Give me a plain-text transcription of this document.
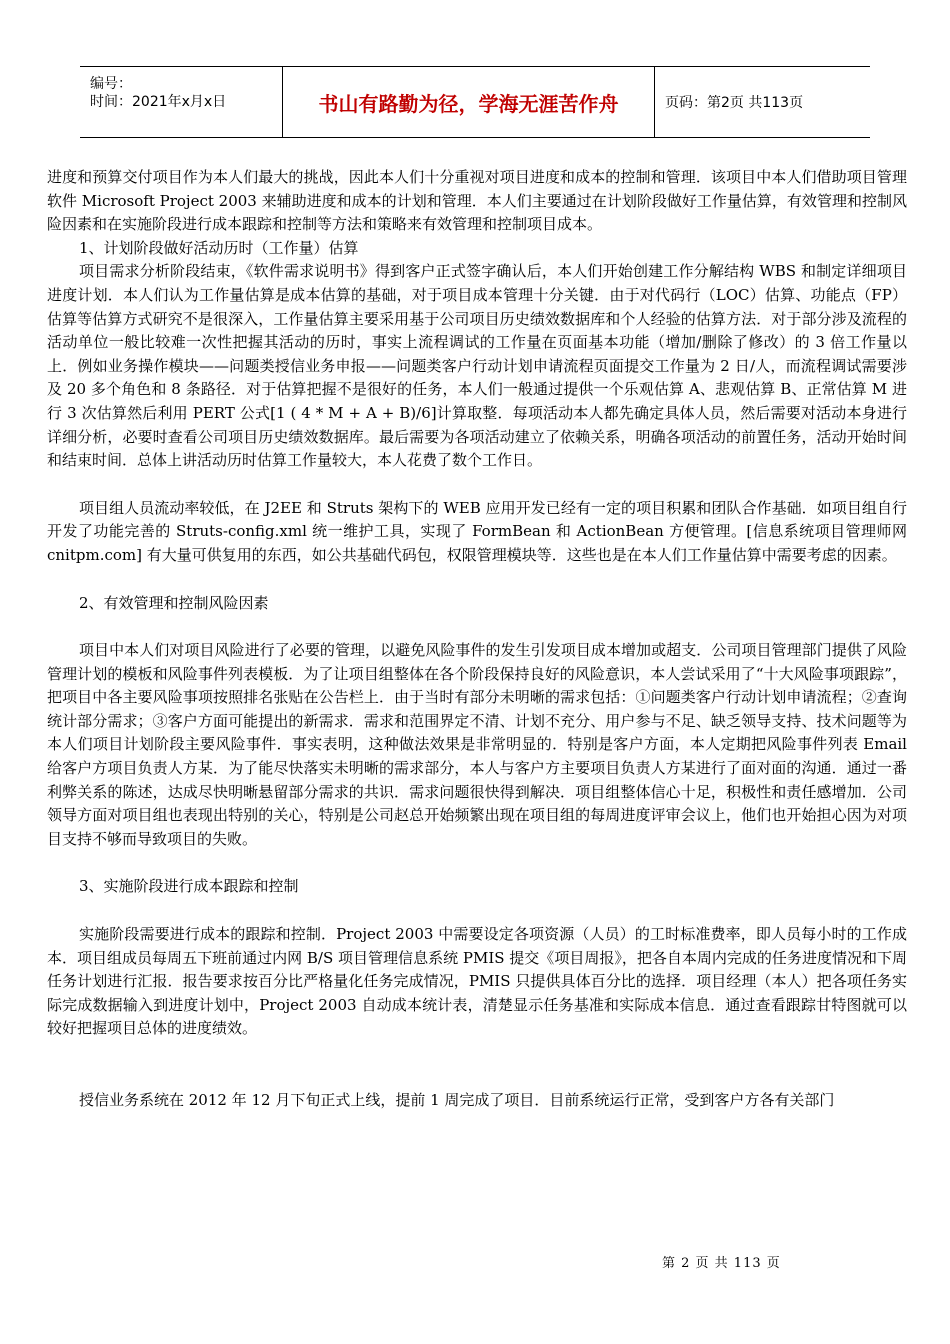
编号：
时间：2021年x月x日	书山有路勤为径，学海无涯苦作舟	页码：第2页 共113页

进度和预算交付项目作为本人们最大的挑战，因此本人们十分重视对项目进度和成本的控制和管理．该项目中本人们借助项目管理软件 Microsoft Project 2003 来辅助进度和成本的计划和管理．本人们主要通过在计划阶段做好工作量估算，有效管理和控制风险因素和在实施阶段进行成本跟踪和控制等方法和策略来有效管理和控制项目成本。

1、计划阶段做好活动历时（工作量）估算

项目需求分析阶段结束，《软件需求说明书》得到客户正式签字确认后，本人们开始创建工作分解结构 WBS 和制定详细项目进度计划．本人们认为工作量估算是成本估算的基础，对于项目成本管理十分关键．由于对代码行（LOC）估算、功能点（FP）估算等估算方式研究不是很深入，工作量估算主要采用基于公司项目历史绩效数据库和个人经验的估算方法．对于部分涉及流程的活动单位一般比较难一次性把握其活动的历时，事实上流程调试的工作量在页面基本功能（增加/删除了修改）的 3 倍工作量以上．例如业务操作模块——问题类授信业务申报——问题类客户行动计划申请流程页面提交工作量为 2 日/人，而流程调试需要涉及 20 多个角色和 8 条路径．对于估算把握不是很好的任务，本人们一般通过提供一个乐观估算 A、悲观估算 B、正常估算 M 进行 3 次估算然后利用 PERT 公式[1 ( 4 * M + A + B)/6]计算取整．每项活动本人都先确定具体人员，然后需要对活动本身进行详细分析，必要时查看公司项目历史绩效数据库。最后需要为各项活动建立了依赖关系，明确各项活动的前置任务，活动开始时间和结束时间．总体上讲活动历时估算工作量较大，本人花费了数个工作日。

项目组人员流动率较低，在 J2EE 和 Struts 架构下的 WEB 应用开发已经有一定的项目积累和团队合作基础．如项目组自行开发了功能完善的 Struts-config.xml 统一维护工具，实现了 FormBean 和 ActionBean 方便管理。[信息系统项目管理师网 cnitpm.com] 有大量可供复用的东西，如公共基础代码包，权限管理模块等．这些也是在本人们工作量估算中需要考虑的因素。

2、有效管理和控制风险因素

项目中本人们对项目风险进行了必要的管理，以避免风险事件的发生引发项目成本增加或超支．公司项目管理部门提供了风险管理计划的模板和风险事件列表模板．为了让项目组整体在各个阶段保持良好的风险意识，本人尝试采用了“十大风险事项跟踪”，把项目中各主要风险事项按照排名张贴在公告栏上．由于当时有部分未明晰的需求包括：①问题类客户行动计划申请流程；②查询统计部分需求；③客户方面可能提出的新需求．需求和范围界定不清、计划不充分、用户参与不足、缺乏领导支持、技术问题等为本人们项目计划阶段主要风险事件．事实表明，这种做法效果是非常明显的．特别是客户方面，本人定期把风险事件列表 Email 给客户方项目负责人方某．为了能尽快落实未明晰的需求部分，本人与客户方主要项目负责人方某进行了面对面的沟通．通过一番利弊关系的陈述，达成尽快明晰悬留部分需求的共识．需求问题很快得到解决．项目组整体信心十足，积极性和责任感增加．公司领导方面对项目组也表现出特别的关心，特别是公司赵总开始频繁出现在项目组的每周进度评审会议上，他们也开始担心因为对项目支持不够而导致项目的失败。

3、实施阶段进行成本跟踪和控制

实施阶段需要进行成本的跟踪和控制．Project 2003 中需要设定各项资源（人员）的工时标准费率，即人员每小时的工作成本．项目组成员每周五下班前通过内网 B/S 项目管理信息系统 PMIS 提交《项目周报》，把各自本周内完成的任务进度情况和下周任务计划进行汇报．报告要求按百分比严格量化任务完成情况，PMIS 只提供具体百分比的选择．项目经理（本人）把各项任务实际完成数据输入到进度计划中，Project 2003 自动成本统计表，清楚显示任务基准和实际成本信息．通过查看跟踪甘特图就可以较好把握项目总体的进度绩效。

授信业务系统在 2012 年 12 月下旬正式上线，提前 1 周完成了项目．目前系统运行正常，受到客户方各有关部门

第 2 页 共 113 页
